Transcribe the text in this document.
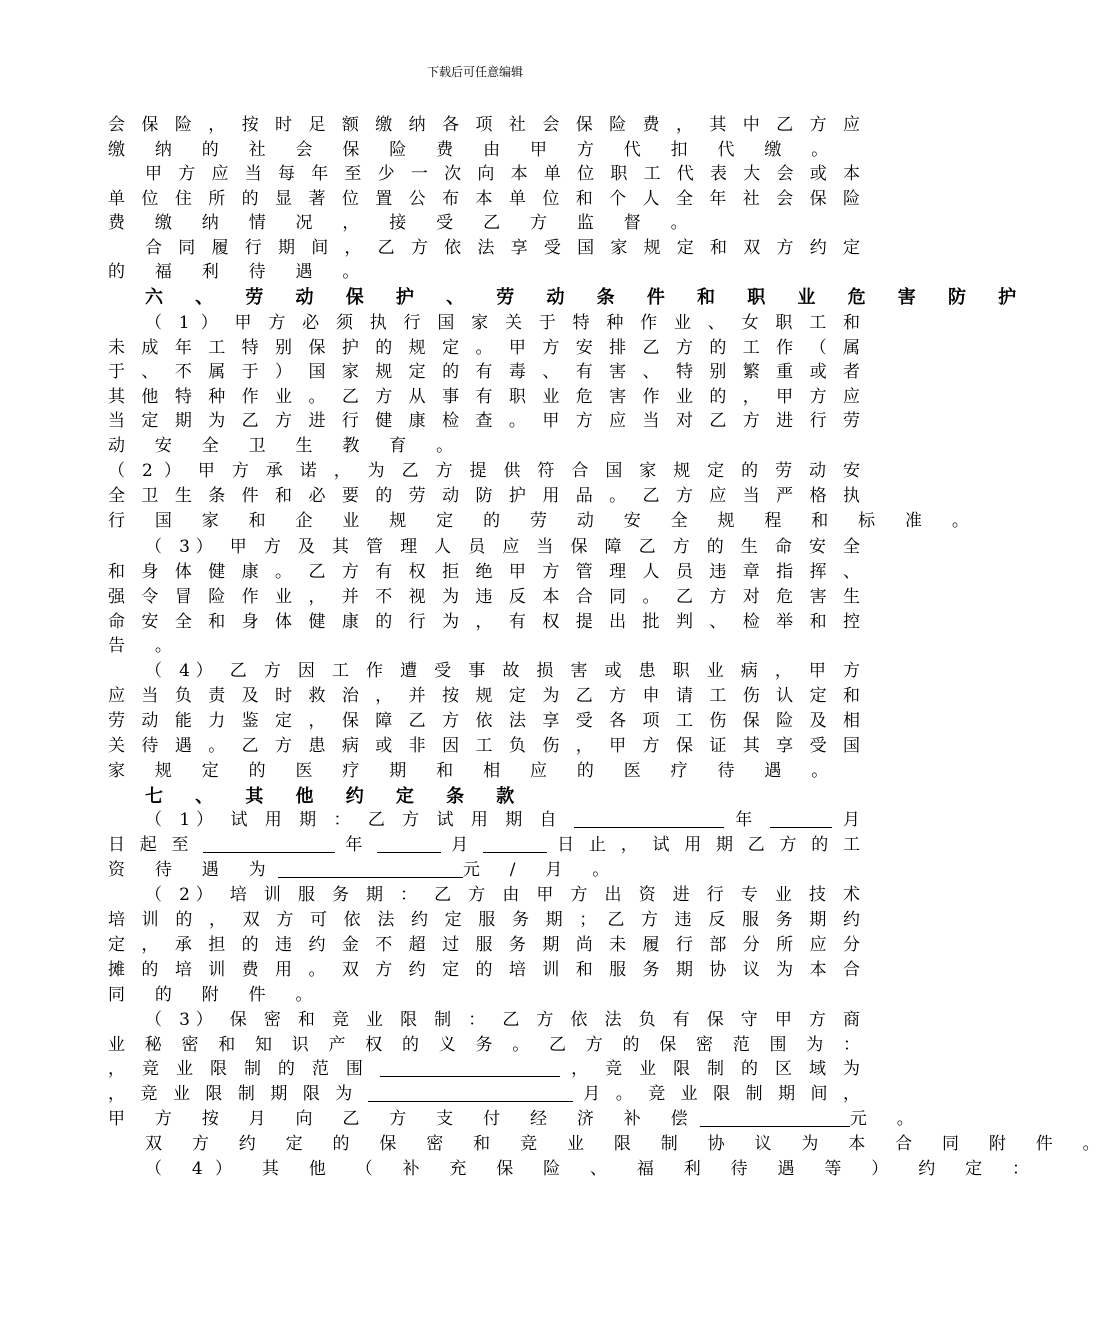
下载后可任意编辑
会 保 险 ， 按 时 足 额 缴 纳 各 项 社 会 保 险 费 ， 其 中 乙 方 应
缴 纳 的 社 会 保 险 费 由 甲 方 代 扣 代 缴 。
甲 方 应 当 每 年 至 少 一 次 向 本 单 位 职 工 代 表 大 会 或 本
单 位 住 所 的 显 著 位 置 公 布 本 单 位 和 个 人 全 年 社 会 保 险
费 缴 纳 情 况 ， 接 受 乙 方 监 督 。
合 同 履 行 期 间 ， 乙 方 依 法 享 受 国 家 规 定 和 双 方 约 定
的 福 利 待 遇 。
六 、 劳 动 保 护 、 劳 动 条 件 和 职 业 危 害 防 护
（ 1 ） 甲 方 必 须 执 行 国 家 关 于 特 种 作 业 、 女 职 工 和
未 成 年 工 特 别 保 护 的 规 定 。 甲 方 安 排 乙 方 的 工 作 （ 属
于 、 不 属 于 ） 国 家 规 定 的 有 毒 、 有 害 、 特 别 繁 重 或 者
其 他 特 种 作 业 。 乙 方 从 事 有 职 业 危 害 作 业 的 ， 甲 方 应
当 定 期 为 乙 方 进 行 健 康 检 查 。 甲 方 应 当 对 乙 方 进 行 劳
动 安 全 卫 生 教 育 。
（ 2 ） 甲 方 承 诺 ， 为 乙 方 提 供 符 合 国 家 规 定 的 劳 动 安
全 卫 生 条 件 和 必 要 的 劳 动 防 护 用 品 。 乙 方 应 当 严 格 执
行 国 家 和 企 业 规 定 的 劳 动 安 全 规 程 和 标 准 。
（ 3） 甲 方 及 其 管 理 人 员 应 当 保 障 乙 方 的 生 命 安 全
和 身 体 健 康 。 乙 方 有 权 拒 绝 甲 方 管 理 人 员 违 章 指 挥 、
强 令 冒 险 作 业 ， 并 不 视 为 违 反 本 合 同 。 乙 方 对 危 害 生
命 安 全 和 身 体 健 康 的 行 为 ， 有 权 提 出 批 判 、 检 举 和 控
告 。
（ 4） 乙 方 因 工 作 遭 受 事 故 损 害 或 患 职 业 病 ， 甲 方
应 当 负 责 及 时 救 治 ， 并 按 规 定 为 乙 方 申 请 工 伤 认 定 和
劳 动 能 力 鉴 定 ， 保 障 乙 方 依 法 享 受 各 项 工 伤 保 险 及 相
关 待 遇 。 乙 方 患 病 或 非 因 工 负 伤 ， 甲 方 保 证 其 享 受 国
家 规 定 的 医 疗 期 和 相 应 的 医 疗 待 遇 。
七 、 其 他 约 定 条 款
（ 1） 试 用 期 ： 乙 方 试 用 期 自	年	月
日 起 至	年	月	日 止 ， 试 用 期 乙 方 的 工
资 待 遇 为	元 / 月 。
（ 2） 培 训 服 务 期 ： 乙 方 由 甲 方 出 资 进 行 专 业 技 术
培 训 的 ， 双 方 可 依 法 约 定 服 务 期 ； 乙 方 违 反 服 务 期 约
定 ， 承 担 的 违 约 金 不 超 过 服 务 期 尚 未 履 行 部 分 所 应 分
摊 的 培 训 费 用 。 双 方 约 定 的 培 训 和 服 务 期 协 议 为 本 合
同 的 附 件 。
（ 3） 保 密 和 竞 业 限 制 ： 乙 方 依 法 负 有 保 守 甲 方 商
业 秘 密 和 知 识 产 权 的 义 务 。 乙 方 的 保 密 范 围 为 ：
， 竞 业 限 制 的 范 围	， 竞 业 限 制 的 区 域 为
， 竞 业 限 制 期 限 为	月 。 竞 业 限 制 期 间 ，
甲 方 按 月 向 乙 方 支 付 经 济 补 偿	元 。
双 方 约 定 的 保 密 和 竞 业 限 制 协 议 为 本 合 同 附 件 。
（ 4） 其 他 （ 补 充 保 险 、 福 利 待 遇 等 ） 约 定 ：
